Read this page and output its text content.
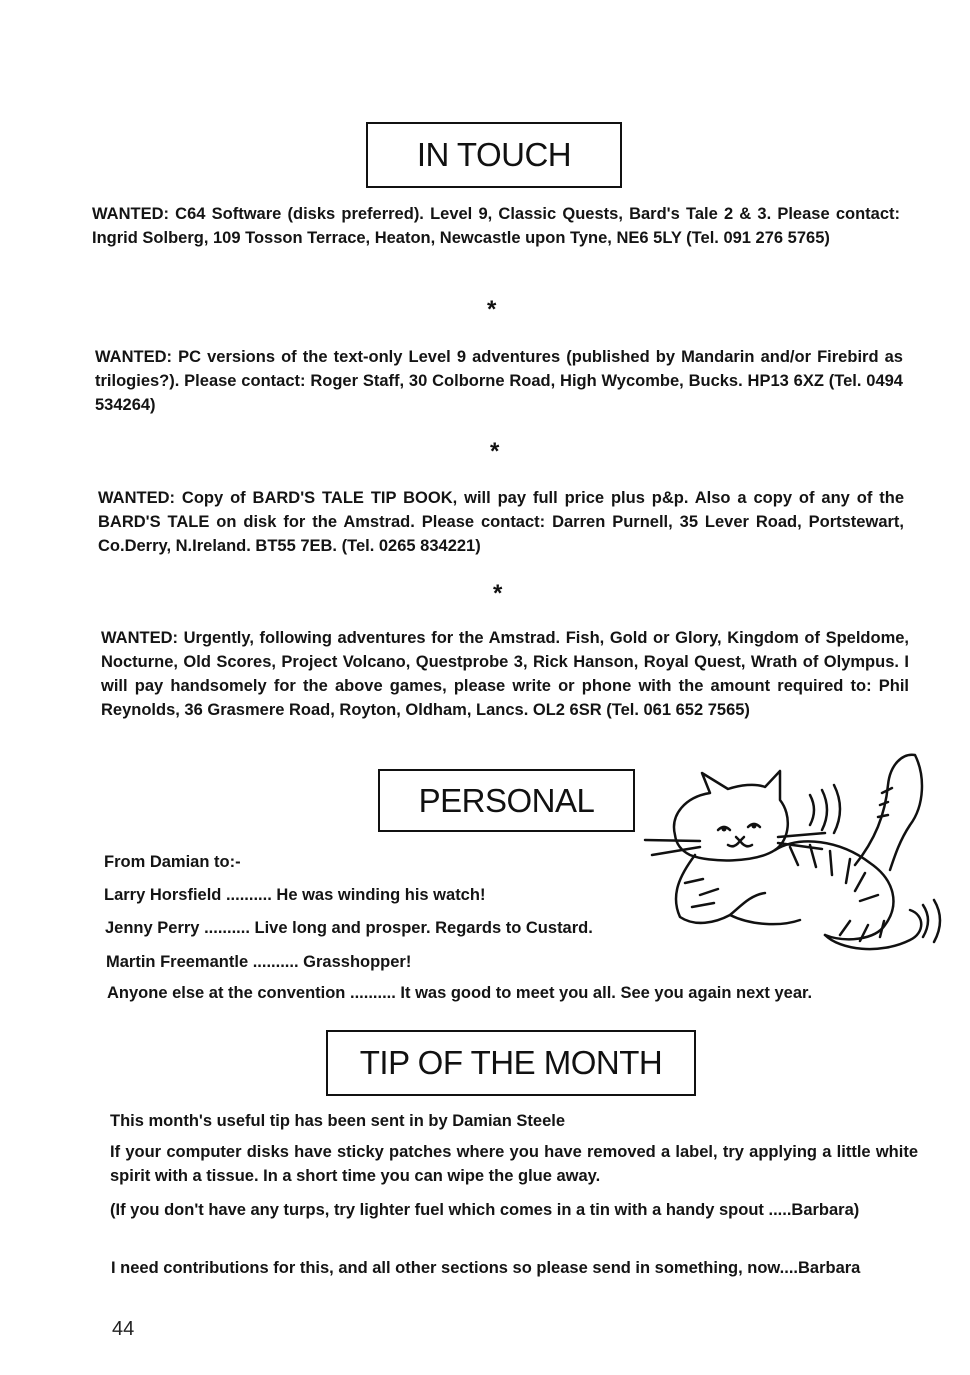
IN TOUCH
WANTED: C64 Software (disks preferred). Level 9, Classic Quests, Bard's Tale 2 & 3. Please contact: Ingrid Solberg, 109 Tosson Terrace, Heaton, Newcastle upon Tyne, NE6 5LY (Tel. 091 276 5765)
*
WANTED: PC versions of the text-only Level 9 adventures (published by Mandarin and/or Firebird as trilogies?). Please contact: Roger Staff, 30 Colborne Road, High Wycombe, Bucks. HP13 6XZ (Tel. 0494 534264)
*
WANTED: Copy of BARD'S TALE TIP BOOK, will pay full price plus p&p. Also a copy of any of the BARD'S TALE on disk for the Amstrad. Please contact: Darren Purnell, 35 Lever Road, Portstewart, Co.Derry, N.Ireland. BT55 7EB. (Tel. 0265 834221)
*
WANTED: Urgently, following adventures for the Amstrad. Fish, Gold or Glory, Kingdom of Speldome, Nocturne, Old Scores, Project Volcano, Questprobe 3, Rick Hanson, Royal Quest, Wrath of Olympus. I will pay handsomely for the above games, please write or phone with the amount required to: Phil Reynolds, 36 Grasmere Road, Royton, Oldham, Lancs. OL2 6SR (Tel. 061 652 7565)
PERSONAL
From Damian to:-
Larry Horsfield .......... He was winding his watch!
Jenny Perry .......... Live long and prosper. Regards to Custard.
Martin Freemantle .......... Grasshopper!
Anyone else at the convention .......... It was good to meet you all. See you again next year.
TIP OF THE MONTH
This month's useful tip has been sent in by Damian Steele
If your computer disks have sticky patches where you have removed a label, try applying a little white spirit with a tissue. In a short time you can wipe the glue away.
(If you don't have any turps, try lighter fuel which comes in a tin with a handy spout .....Barbara)
I need contributions for this, and all other sections so please send in something, now....Barbara
44
